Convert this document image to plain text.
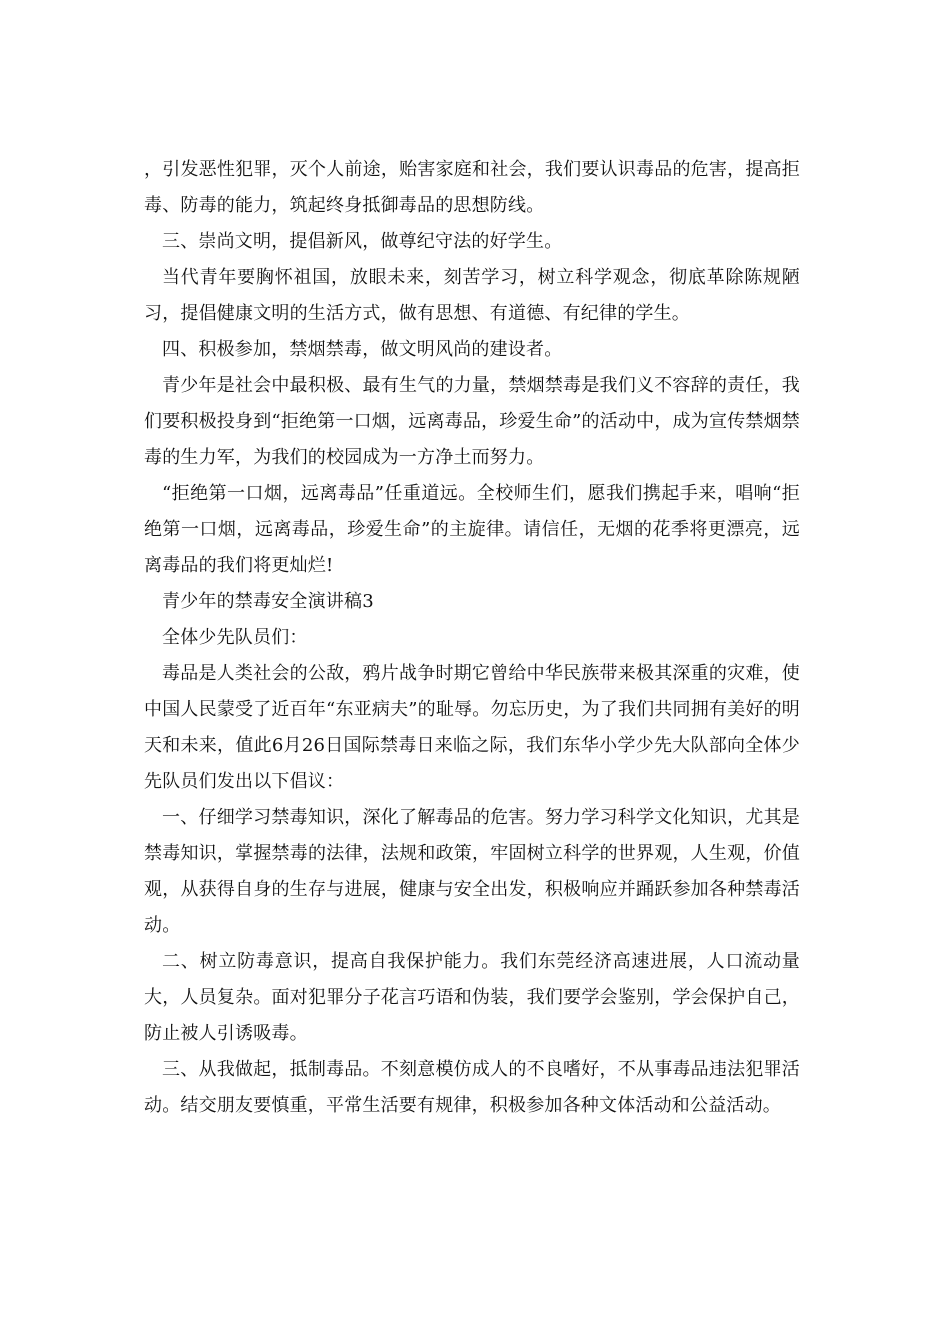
，引发恶性犯罪，灭个人前途，贻害家庭和社会，我们要认识毒品的危害，提高拒毒、防毒的能力，筑起终身抵御毒品的思想防线。

三、崇尚文明，提倡新风，做尊纪守法的好学生。

当代青年要胸怀祖国，放眼未来，刻苦学习，树立科学观念，彻底革除陈规陋习，提倡健康文明的生活方式，做有思想、有道德、有纪律的学生。

四、积极参加，禁烟禁毒，做文明风尚的建设者。

青少年是社会中最积极、最有生气的力量，禁烟禁毒是我们义不容辞的责任，我们要积极投身到“拒绝第一口烟，远离毒品，珍爱生命”的活动中，成为宣传禁烟禁毒的生力军，为我们的校园成为一方净土而努力。

“拒绝第一口烟，远离毒品”任重道远。全校师生们，愿我们携起手来，唱响“拒绝第一口烟，远离毒品，珍爱生命”的主旋律。请信任，无烟的花季将更漂亮，远离毒品的我们将更灿烂!

青少年的禁毒安全演讲稿3

全体少先队员们：

毒品是人类社会的公敌，鸦片战争时期它曾给中华民族带来极其深重的灾难，使中国人民蒙受了近百年“东亚病夫”的耻辱。勿忘历史，为了我们共同拥有美好的明天和未来，值此6月26日国际禁毒日来临之际，我们东华小学少先大队部向全体少先队员们发出以下倡议：

一、仔细学习禁毒知识，深化了解毒品的危害。努力学习科学文化知识，尤其是禁毒知识，掌握禁毒的法律，法规和政策，牢固树立科学的世界观，人生观，价值观，从获得自身的生存与进展，健康与安全出发，积极响应并踊跃参加各种禁毒活动。

二、树立防毒意识，提高自我保护能力。我们东莞经济高速进展，人口流动量大，人员复杂。面对犯罪分子花言巧语和伪装，我们要学会鉴别，学会保护自己，防止被人引诱吸毒。

三、从我做起，抵制毒品。不刻意模仿成人的不良嗜好，不从事毒品违法犯罪活动。结交朋友要慎重，平常生活要有规律，积极参加各种文体活动和公益活动。
